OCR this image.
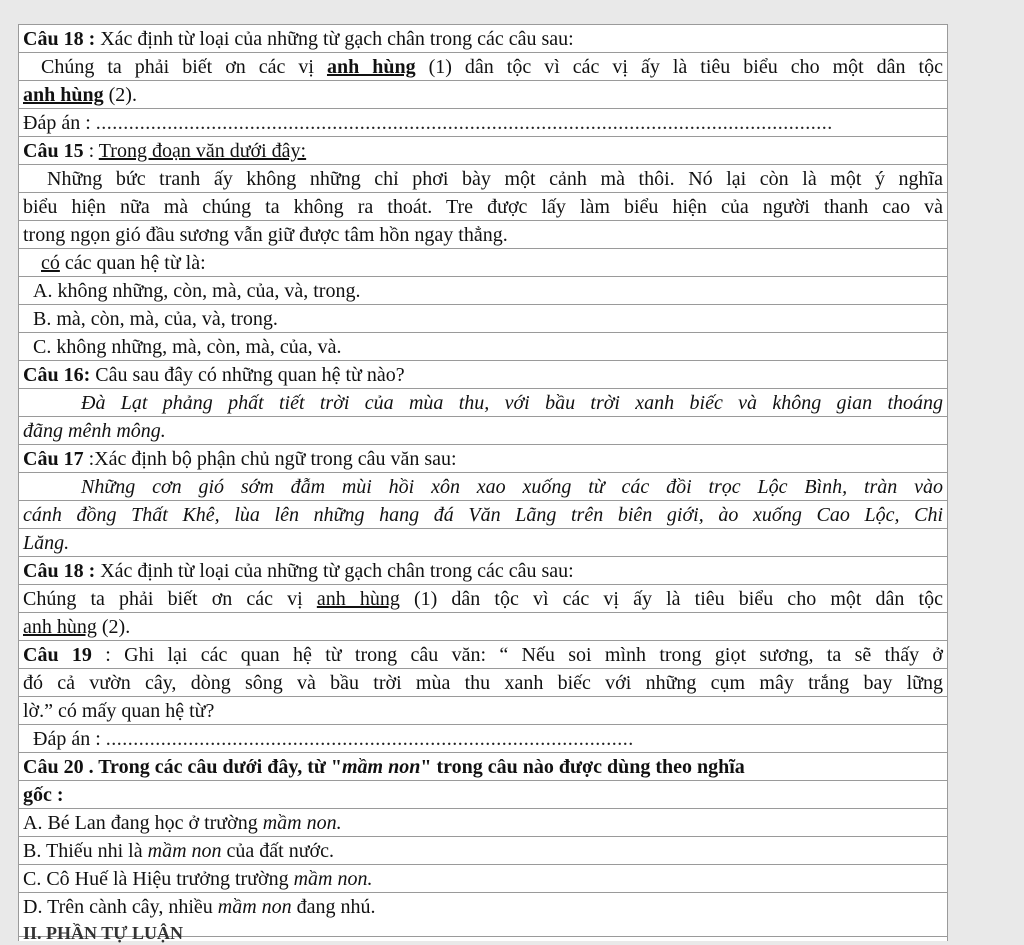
Câu 18 : Xác định từ loại của những từ gạch chân trong các câu sau:
Chúng ta phải biết ơn các vị anh hùng (1) dân tộc vì các vị ấy là tiêu biểu cho một dân tộc
anh hùng (2).
Đáp án : ......................................................................................................................................
Câu 15 : Trong đoạn văn dưới đây:
Những bức tranh ấy không những chỉ phơi bày một cảnh mà thôi. Nó lại còn là một ý nghĩa
biểu hiện nữa mà chúng ta không ra thoát. Tre được lấy làm biểu hiện của người thanh cao và
trong ngọn gió đầu sương vẫn giữ được tâm hồn ngay thẳng.
có các quan hệ từ là:
A. không những, còn, mà, của, và, trong.
B. mà, còn, mà, của, và, trong.
C. không những, mà, còn, mà, của, và.
Câu 16: Câu sau đây có những quan hệ từ nào?
Đà Lạt phảng phất tiết trời của mùa thu, với bầu trời xanh biếc và không gian thoáng
đãng mênh mông.
Câu 17 :Xác định bộ phận chủ ngữ trong câu văn sau:
Những cơn gió sớm đẫm mùi hồi xôn xao xuống từ các đồi trọc Lộc Bình, tràn vào
cánh đồng Thất Khê, lùa lên những hang đá Văn Lãng trên biên giới, ào xuống Cao Lộc, Chi
Lăng.
Câu 18 : Xác định từ loại của những từ gạch chân trong các câu sau:
Chúng ta phải biết ơn các vị anh hùng (1) dân tộc vì các vị ấy là tiêu biểu cho một dân tộc
anh hùng (2).
Câu 19 : Ghi lại các quan hệ từ trong câu văn: “ Nếu soi mình trong giọt sương, ta sẽ thấy ở
đó cả vườn cây, dòng sông và bầu trời mùa thu xanh biếc với những cụm mây trắng bay lững
lờ.” có mấy quan hệ từ?
Đáp án : ................................................................................................
Câu 20 . Trong các câu dưới đây, từ "mầm non" trong câu nào được dùng theo nghĩa
gốc :
A. Bé Lan đang học ở trường mầm non.
B. Thiếu nhi là mầm non của đất nước.
C. Cô Huế là Hiệu trưởng trường mầm non.
D. Trên cành cây, nhiều mầm non đang nhú.
II. PHẦN TỰ LUẬN
